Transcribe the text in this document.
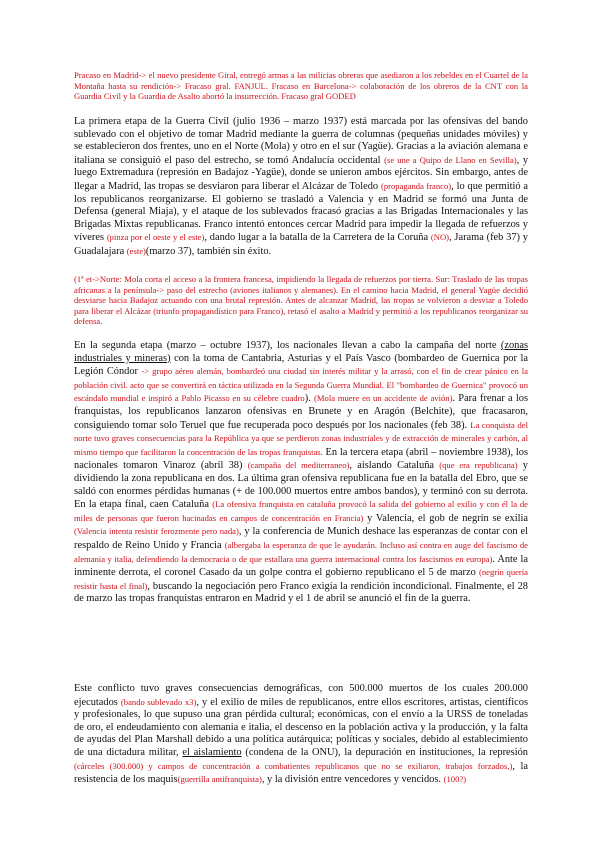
Pracaso en Madrid-> el nuevo presidente Giral, entregó armas a las milicias obreras que asediaron a los rebeldes en el Cuartel de la Montaña hasta su rendición-> Fracaso gral. FANJUL. Fracaso en Barcelona-> colaboración de los obreros de la CNT con la Guardia Civil y la Guardia de Asalto abortó la insurrección. Fracaso gral GODED
La primera etapa de la Guerra Civil (julio 1936 – marzo 1937) está marcada por las ofensivas del bando sublevado con el objetivo de tomar Madrid mediante la guerra de columnas (pequeñas unidades móviles) y se establecieron dos frentes, uno en el Norte (Mola) y otro en el sur (Yagüe). Gracias a la aviación alemana e italiana se consiguió el paso del estrecho, se tomó Andalucía occidental (se une a Quipo de Llano en Sevilla), y luego Extremadura (represión en Badajoz -Yagüe), donde se unieron ambos ejércitos. Sin embargo, antes de llegar a Madrid, las tropas se desviaron para liberar el Alcázar de Toledo (propaganda franco), lo que permitió a los republicanos reorganizarse. El gobierno se trasladó a Valencia y en Madrid se formó una Junta de Defensa (general Miaja), y el ataque de los sublevados fracasó gracias a las Brigadas Internacionales y las Brigadas Mixtas republicanas. Franco intentó entonces cercar Madrid para impedir la llegada de refuerzos y víveres (pinza por el oeste y el este), dando lugar a la batalla de la Carretera de la Coruña (NO), Jarama (feb 37) y Guadalajara (este)(marzo 37), también sin éxito.
(1ª et->Norte: Mola corta el acceso a la frontera francesa, impidiendo la llegada de refuerzos por tierra. Sur: Traslado de las tropas africanas a la península-> paso del estrecho (aviones italianos y alemanes). En el camino hacia Madrid, el general Yagüe decidió desviarse hacia Badajoz actuando con una brutal represión. Antes de alcanzar Madrid, las tropas se volvieron a desviar a Toledo para liberar el Alcázar (triunfo propagandístico para Franco), retasó el asalto a Madrid y permitió a los republicanos reorganizar su defensa.
En la segunda etapa (marzo – octubre 1937), los nacionales llevan a cabo la campaña del norte (zonas industriales y mineras) con la toma de Cantabria, Asturias y el País Vasco (bombardeo de Guernica por la Legión Cóndor -> grupo aéreo alemán, bombardeó una ciudad sin interés militar y la arrasó, con el fin de crear pánico en la población civil. acto que se convertirá en táctica utilizada en la Segunda Guerra Mundial. El "bombardeo de Guernica" provocó un escándalo mundial e inspiró a Pablo Picasso en su célebre cuadro). (Mola muere en un accidente de avión). Para frenar a los franquistas, los republicanos lanzaron ofensivas en Brunete y en Aragón (Belchite), que fracasaron, consiguiendo tomar solo Teruel que fue recuperada poco después por los nacionales (feb 38). La conquista del norte tuvo graves consecuencias para la República ya que se perdieron zonas industriales y de extracción de minerales y carbón, al mismo tiempo que facilitaron la concentración de las tropas franquistas. En la tercera etapa (abril – noviembre 1938), los nacionales tomaron Vinaroz (abril 38) (campaña del mediterraneo), aislando Cataluña (que era republicana) y dividiendo la zona republicana en dos. La última gran ofensiva republicana fue en la batalla del Ebro, que se saldó con enormes pérdidas humanas (+ de 100.000 muertos entre ambos bandos), y terminó con su derrota. En la etapa final, caen Cataluña (La ofensiva franquista en cataluña provocó la salida del gobierno al exilio y con él la de miles de personas que fueron hacinadas en campos de concentración en Francia) y Valencia, el gob de negrín se exilia (Valencia intenta resistir ferozmente pero nada), y la conferencia de Munich deshace las esperanzas de contar con el respaldo de Reino Unido y Francia (albergaba la esperanza de que le ayudarán. Incluso así contra en auge del fascismo de alemania y italia, defendiendo la democracia o de que estallara una guerra internacional contra los fascismos en europa). Ante la inminente derrota, el coronel Casado da un golpe contra el gobierno republicano el 5 de marzo (negrín quería resistir hasta el final), buscando la negociación pero Franco exigía la rendición incondicional. Finalmente, el 28 de marzo las tropas franquistas entraron en Madrid y el 1 de abril se anunció el fin de la guerra.
Este conflicto tuvo graves consecuencias demográficas, con 500.000 muertos de los cuales 200.000 ejecutados (bando sublevado x3), y el exilio de miles de republicanos, entre ellos escritores, artistas, científicos y profesionales, lo que supuso una gran pérdida cultural; económicas, con el envío a la URSS de toneladas de oro, el endeudamiento con alemania e italia, el descenso en la población activa y la producción, y la falta de ayudas del Plan Marshall debido a una política autárquica; políticas y sociales, debido al establecimiento de una dictadura militar, el aislamiento (condena de la ONU), la depuración en instituciones, la represión (cárceles (300.000) y campos de concentración a combatientes republicanos que no se exiliaron, trabajos forzados,), la resistencia de los maquis(guerrilla antifranquista), y la división entre vencedores y vencidos. (100?)
